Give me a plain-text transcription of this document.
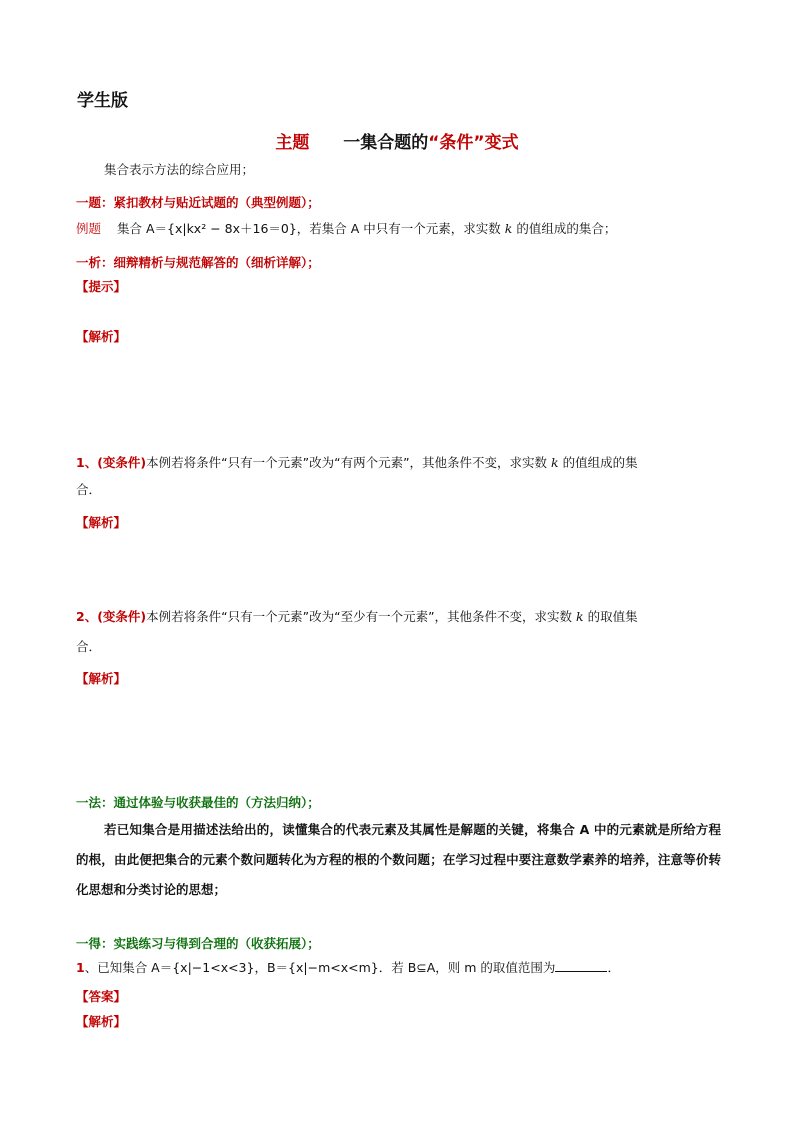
学生版
主题 一集合题的“条件”变式
集合表示方法的综合应用；
一题：紧扣教材与贴近试题的（典型例题）；
例题 集合 A＝{x|kx² − 8x＋16＝0}，若集合 A 中只有一个元素，求实数 k 的值组成的集合；
一析：细辩精析与规范解答的（细析详解）；
【提示】
【解析】
1、(变条件)本例若将条件“只有一个元素”改为“有两个元素”，其他条件不变，求实数 k 的值组成的集
合．
【解析】
2、(变条件)本例若将条件“只有一个元素”改为“至少有一个元素”，其他条件不变，求实数 k 的取值集
合．
【解析】
一法：通过体验与收获最佳的（方法归纳）；
若已知集合是用描述法给出的，读懂集合的代表元素及其属性是解题的关键，将集合 A 中的元素就是所给方程的根，由此便把集合的元素个数问题转化为方程的根的个数问题；在学习过程中要注意数学素养的培养，注意等价转化思想和分类讨论的思想；
一得：实践练习与得到合理的（收获拓展）；
1、已知集合 A＝{x|−1<x<3}，B＝{x|−m<x<m}．若 B⊆A，则 m 的取值范围为	．
【答案】
【解析】
